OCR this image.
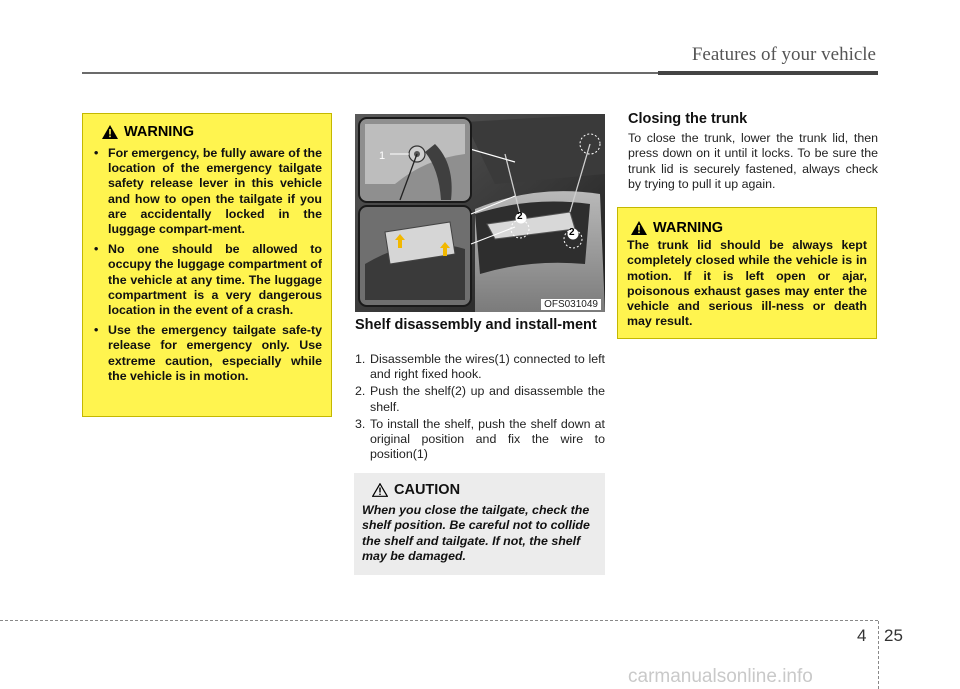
Features of your vehicle
WARNING
• For emergency, be fully aware of the location of the emergency tailgate safety release lever in this vehicle and how to open the tailgate if you are accidentally locked in the luggage compart-ment.
• No one should be allowed to occupy the luggage compartment of the vehicle at any time. The luggage compartment is a very dangerous location in the event of a crash.
• Use the emergency tailgate safe-ty release for emergency only. Use extreme caution, especially while the vehicle is in motion.
1
2
2
OFS031049
Shelf disassembly and install-ment
1. Disassemble the wires(1) connected to left and right fixed hook.
2. Push the shelf(2) up and disassemble the shelf.
3. To install the shelf, push the shelf down at original position and fix the wire to position(1)
CAUTION
When you close the tailgate, check the shelf position. Be careful not to collide the shelf and tailgate. If not, the shelf may be damaged.
Closing the trunk
To close the trunk, lower the trunk lid, then press down on it until it locks. To be sure the trunk lid is securely fastened, always check by trying to pull it up again.
WARNING
The trunk lid should be always kept completely closed while the vehicle is in motion. If it is left open or ajar, poisonous exhaust gases may enter the vehicle and serious ill-ness or death may result.
4 25
carmanualsonline.info
